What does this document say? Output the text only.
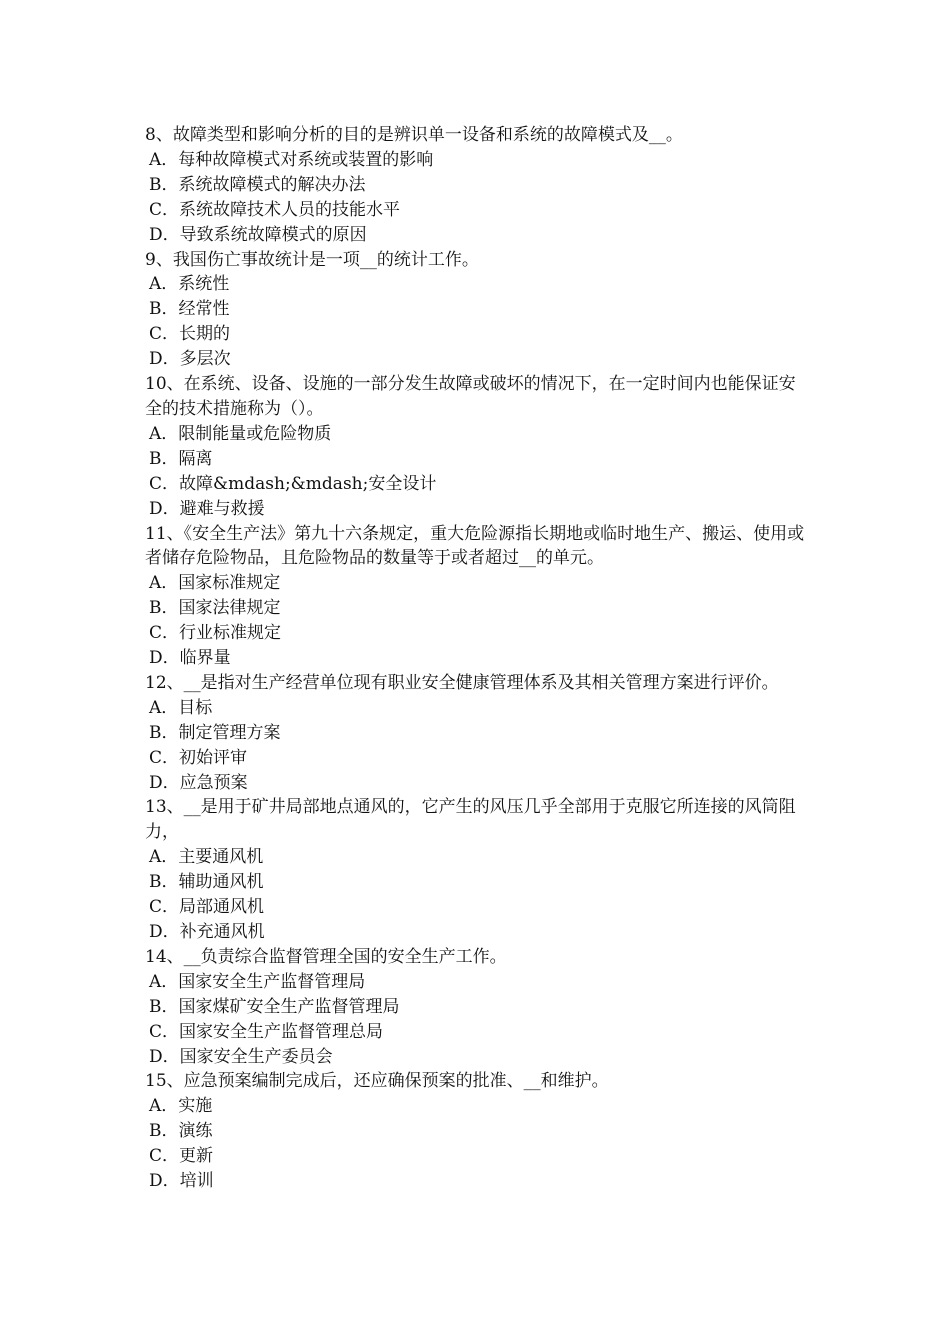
8、故障类型和影响分析的目的是辨识单一设备和系统的故障模式及__。
A．每种故障模式对系统或装置的影响
B．系统故障模式的解决办法
C．系统故障技术人员的技能水平
D．导致系统故障模式的原因
9、我国伤亡事故统计是一项__的统计工作。
A．系统性
B．经常性
C．长期的
D．多层次
10、在系统、设备、设施的一部分发生故障或破坏的情况下，在一定时间内也能保证安全的技术措施称为（）。
A．限制能量或危险物质
B．隔离
C．故障&mdash;&mdash;安全设计
D．避难与救援
11、《安全生产法》第九十六条规定，重大危险源指长期地或临时地生产、搬运、使用或者储存危险物品，且危险物品的数量等于或者超过__的单元。
A．国家标准规定
B．国家法律规定
C．行业标准规定
D．临界量
12、__是指对生产经营单位现有职业安全健康管理体系及其相关管理方案进行评价。
A．目标
B．制定管理方案
C．初始评审
D．应急预案
13、__是用于矿井局部地点通风的，它产生的风压几乎全部用于克服它所连接的风筒阻力，
A．主要通风机
B．辅助通风机
C．局部通风机
D．补充通风机
14、__负责综合监督管理全国的安全生产工作。
A．国家安全生产监督管理局
B．国家煤矿安全生产监督管理局
C．国家安全生产监督管理总局
D．国家安全生产委员会
15、应急预案编制完成后，还应确保预案的批准、__和维护。
A．实施
B．演练
C．更新
D．培训
